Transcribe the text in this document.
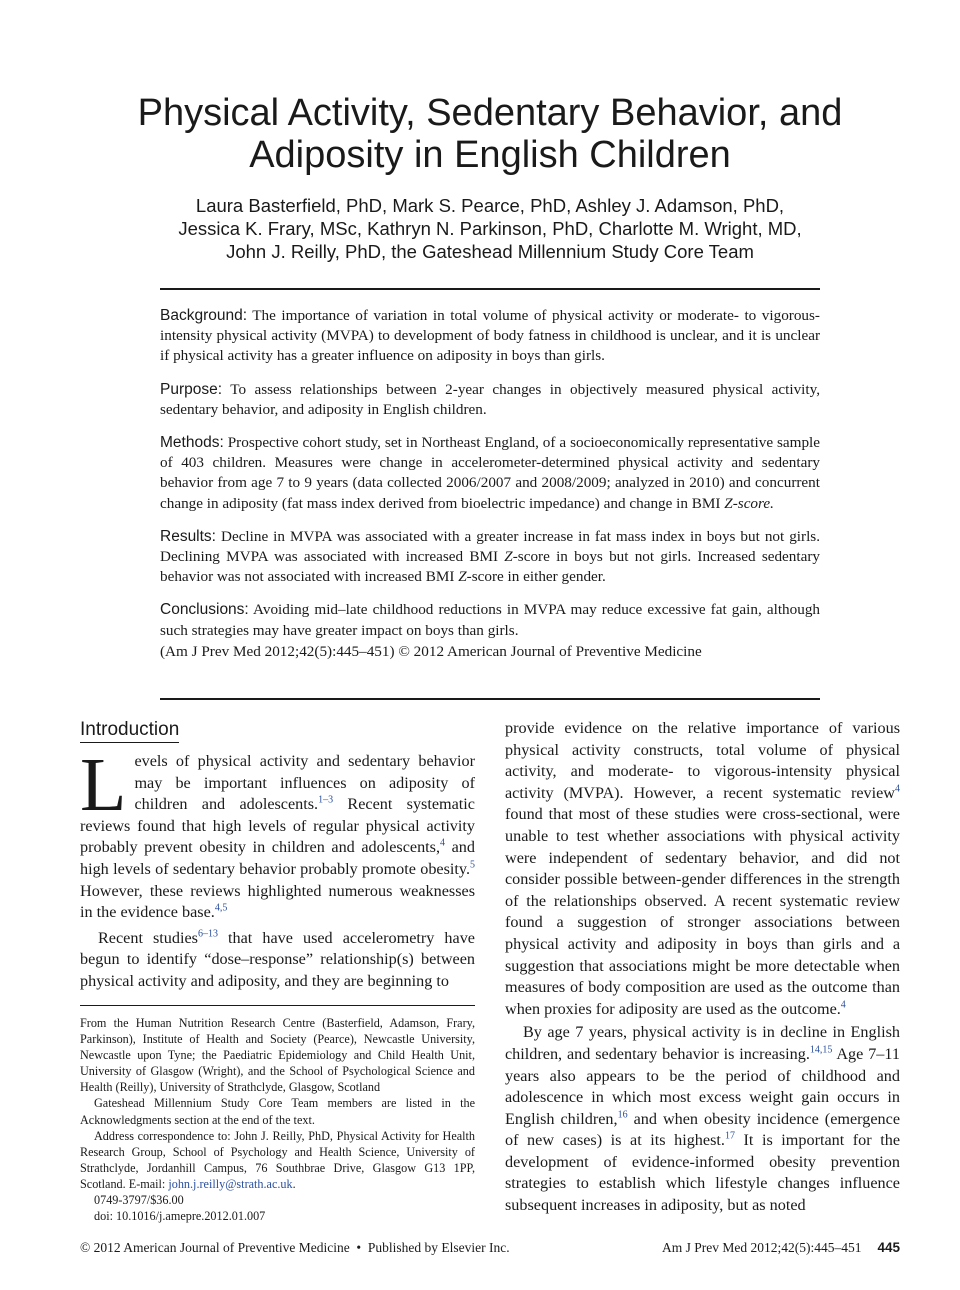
Physical Activity, Sedentary Behavior, and Adiposity in English Children
Laura Basterfield, PhD, Mark S. Pearce, PhD, Ashley J. Adamson, PhD,
Jessica K. Frary, MSc, Kathryn N. Parkinson, PhD, Charlotte M. Wright, MD,
John J. Reilly, PhD, the Gateshead Millennium Study Core Team

Background: The importance of variation in total volume of physical activity or moderate- to vigorous-intensity physical activity (MVPA) to development of body fatness in childhood is unclear, and it is unclear if physical activity has a greater influence on adiposity in boys than girls.

Purpose: To assess relationships between 2-year changes in objectively measured physical activity, sedentary behavior, and adiposity in English children.

Methods: Prospective cohort study, set in Northeast England, of a socioeconomically representative sample of 403 children. Measures were change in accelerometer-determined physical activity and sedentary behavior from age 7 to 9 years (data collected 2006/2007 and 2008/2009; analyzed in 2010) and concurrent change in adiposity (fat mass index derived from bioelectric impedance) and change in BMI Z-score.

Results: Decline in MVPA was associated with a greater increase in fat mass index in boys but not girls. Declining MVPA was associated with increased BMI Z-score in boys but not girls. Increased sedentary behavior was not associated with increased BMI Z-score in either gender.

Conclusions: Avoiding mid–late childhood reductions in MVPA may reduce excessive fat gain, although such strategies may have greater impact on boys than girls.

(Am J Prev Med 2012;42(5):445–451) © 2012 American Journal of Preventive Medicine

Introduction

Levels of physical activity and sedentary behavior may be important influences on adiposity of children and adolescents.$^{1-3}$ Recent systematic reviews found that high levels of regular physical activity probably prevent obesity in children and adolescents,$^4$ and high levels of sedentary behavior probably promote obesity.$^5$ However, these reviews highlighted numerous weaknesses in the evidence base.$^{4,5}$

Recent studies$^{6-13}$ that have used accelerometry have begun to identify “dose–response” relationship(s) between physical activity and adiposity, and they are beginning to

From the Human Nutrition Research Centre (Basterfield, Adamson, Frary, Parkinson), Institute of Health and Society (Pearce), Newcastle University, Newcastle upon Tyne; the Paediatric Epidemiology and Child Health Unit, University of Glasgow (Wright), and the School of Psychological Science and Health (Reilly), University of Strathclyde, Glasgow, Scotland

Gateshead Millennium Study Core Team members are listed in the Acknowledgments section at the end of the text.

Address correspondence to: John J. Reilly, PhD, Physical Activity for Health Research Group, School of Psychology and Health Science, University of Strathclyde, Jordanhill Campus, 76 Southbrae Drive, Glasgow G13 1PP, Scotland. E-mail: john.j.reilly@strath.ac.uk.

0749-3797/$36.00

doi: 10.1016/j.amepre.2012.01.007

provide evidence on the relative importance of various physical activity constructs, total volume of physical activity, and moderate- to vigorous-intensity physical activity (MVPA). However, a recent systematic review$^4$ found that most of these studies were cross-sectional, were unable to test whether associations with physical activity were independent of sedentary behavior, and did not consider possible between-gender differences in the strength of the relationships observed. A recent systematic review found a suggestion of stronger associations between physical activity and adiposity in boys than girls and a suggestion that associations might be more detectable when measures of body composition are used as the outcome than when proxies for adiposity are used as the outcome.$^4$

By age 7 years, physical activity is in decline in English children, and sedentary behavior is increasing.$^{14,15}$ Age 7–11 years also appears to be the period of childhood and adolescence in which most excess weight gain occurs in English children,$^{16}$ and when obesity incidence (emergence of new cases) is at its highest.$^{17}$ It is important for the development of evidence-informed obesity prevention strategies to establish which lifestyle changes influence subsequent increases in adiposity, but as noted

© 2012 American Journal of Preventive Medicine  •  Published by Elsevier Inc.	Am J Prev Med 2012;42(5):445–451 445
